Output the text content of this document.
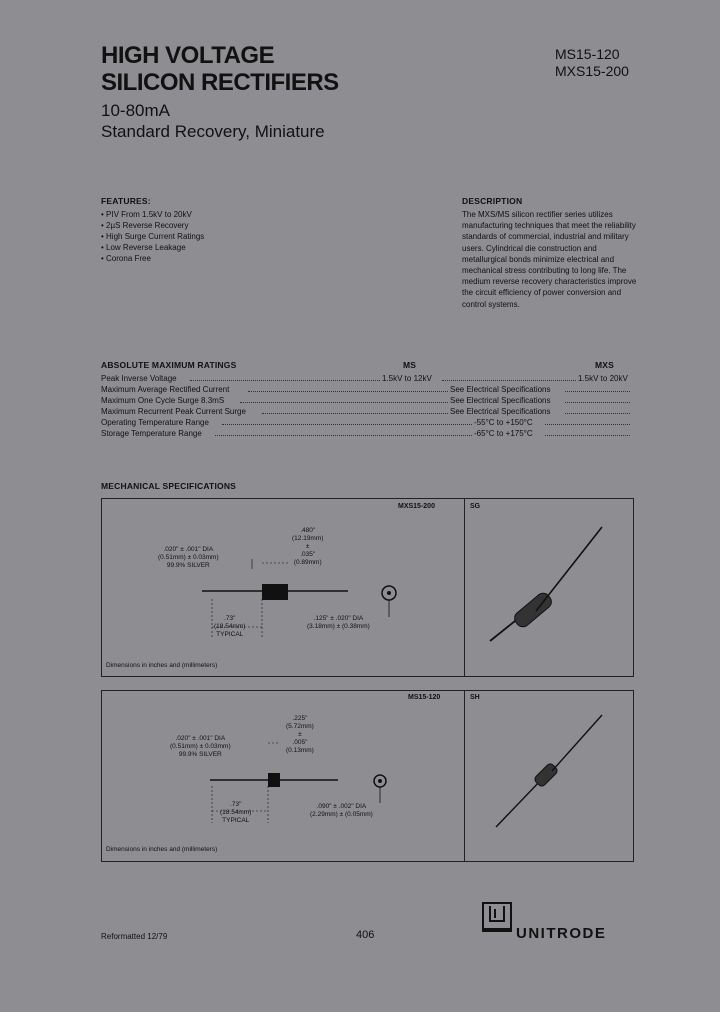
HIGH VOLTAGE
SILICON RECTIFIERS
10-80mA
Standard Recovery, Miniature
MS15-120
MXS15-200
FEATURES:
• PIV From 1.5kV to 20kV
• 2µS Reverse Recovery
• High Surge Current Ratings
• Low Reverse Leakage
• Corona Free
DESCRIPTION
The MXS/MS silicon rectifier series utilizes manufacturing techniques that meet the reliability standards of commercial, industrial and military users. Cylindrical die construction and metallurgical bonds minimize electrical and mechanical stress contributing to long life. The medium reverse recovery characteristics improve the circuit efficiency of power conversion and control systems.
ABSOLUTE MAXIMUM RATINGS	MS	MXS
Peak Inverse Voltage	1.5kV to 12kV	1.5kV to 20kV
Maximum Average Rectified Current	See Electrical Specifications
Maximum One Cycle Surge 8.3mS	See Electrical Specifications
Maximum Recurrent Peak Current Surge	See Electrical Specifications
Operating Temperature Range	-55°C to +150°C
Storage Temperature Range	-65°C to +175°C
MECHANICAL SPECIFICATIONS
MXS15-200	SG
.020" ± .001" DIA
(0.51mm) ± 0.03mm)
99.9% SILVER
.480"
(12.19mm)
±
.035"
(0.89mm)
.73"
(18.54mm)
TYPICAL
.125" ± .020" DIA
(3.18mm) ± (0.38mm)
Dimensions in inches and (millimeters)
MS15-120	SH
.020" ± .001" DIA
(0.51mm) ± 0.03mm)
99.9% SILVER
.225"
(5.72mm)
±
.005"
(0.13mm)
.73"
(18.54mm)
TYPICAL
.090" ± .002" DIA
(2.29mm) ± (0.05mm)
Dimensions in inches and (millimeters)
Reformatted 12/79	406	UNITRODE
